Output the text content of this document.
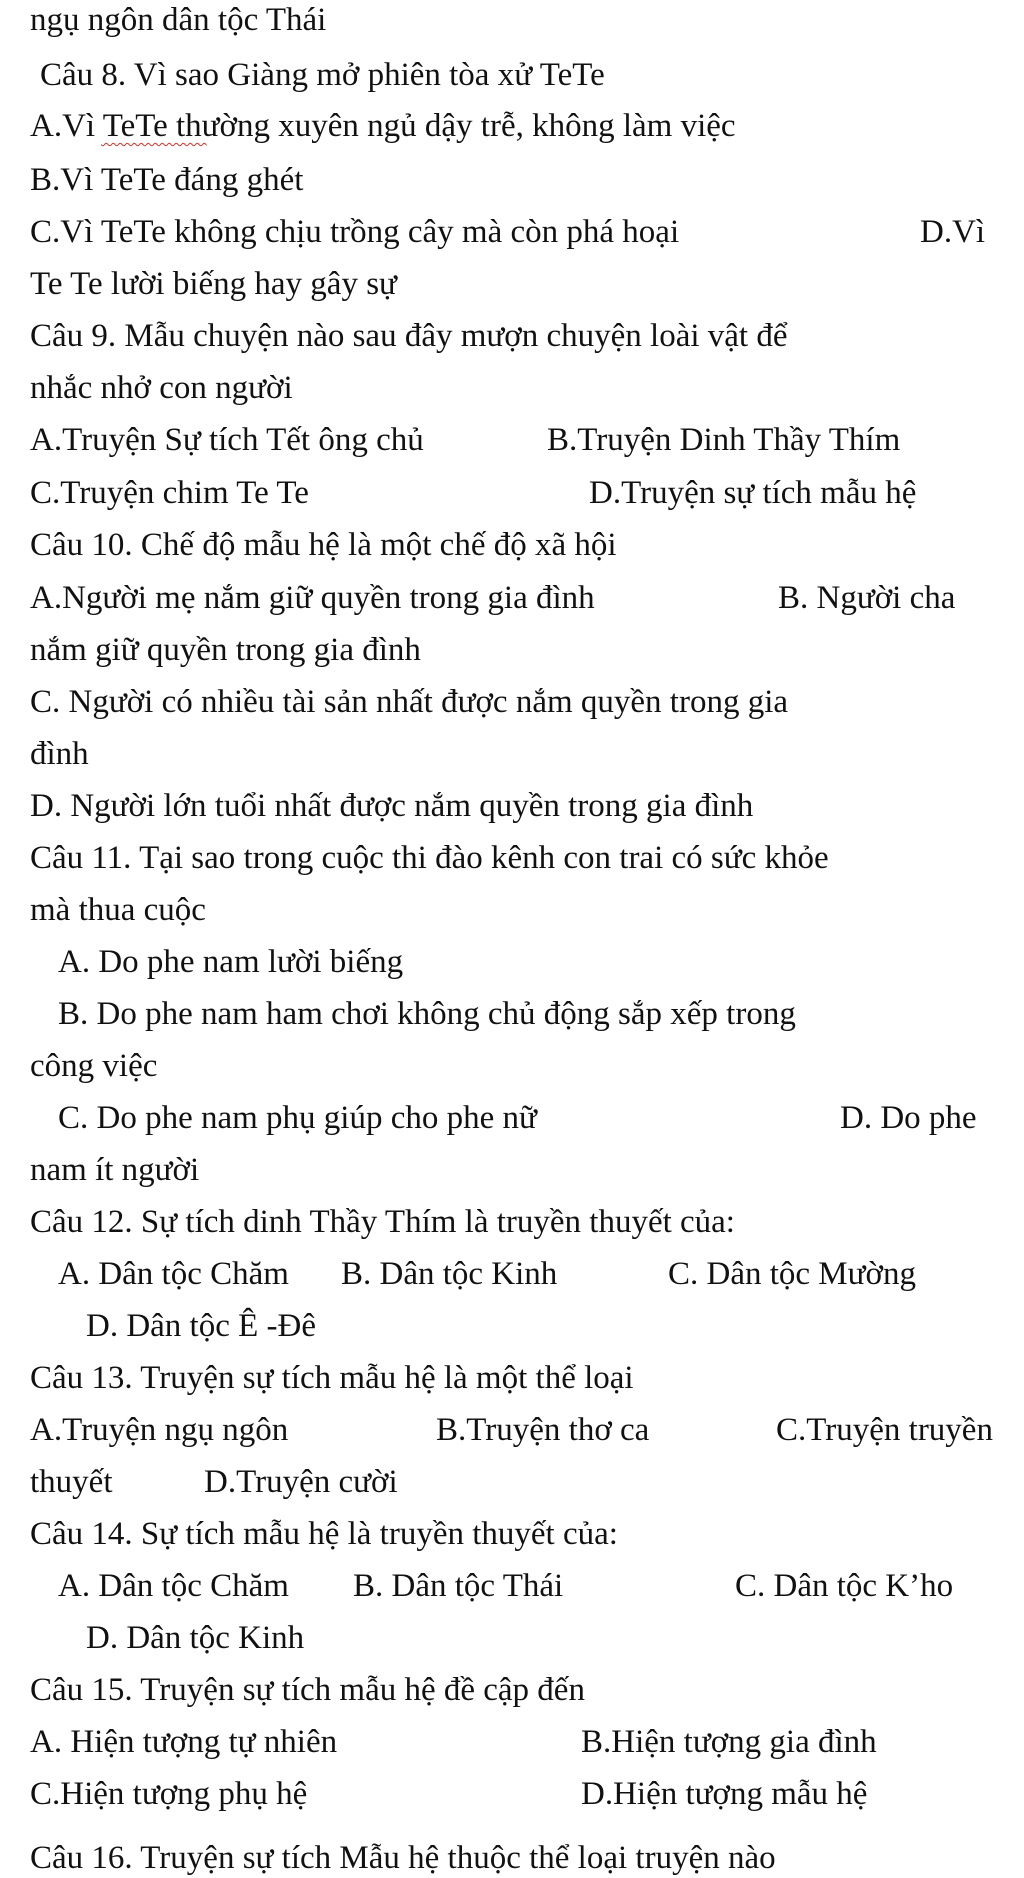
ngụ ngôn dân tộc Thái
Câu 8. Vì sao Giàng mở phiên tòa xử TeTe
A.Vì TeTe thường xuyên ngủ dậy trễ, không làm việc
B.Vì TeTe đáng ghét
C.Vì TeTe không chịu trồng cây mà còn phá hoại	D.Vì
Te Te lười biếng hay gây sự
Câu 9. Mẫu chuyện nào sau đây mượn chuyện loài vật để
nhắc nhở con người
A.Truyện Sự tích Tết ông chủ	B.Truyện Dinh Thầy Thím
C.Truyện chim Te Te	D.Truyện sự tích mẫu hệ
Câu 10. Chế độ mẫu hệ là một chế độ xã hội
A.Người mẹ nắm giữ quyền trong gia đình	B. Người cha
nắm giữ quyền trong gia đình
C. Người có nhiều tài sản nhất được nắm quyền trong gia
đình
D. Người lớn tuổi nhất được nắm quyền trong gia đình
Câu 11. Tại sao trong cuộc thi đào kênh con trai có sức khỏe
mà thua cuộc
A. Do phe nam lười biếng
B. Do phe nam ham chơi không chủ động sắp xếp trong
công việc
C. Do phe nam phụ giúp cho phe nữ	D. Do phe
nam ít người
Câu 12. Sự tích dinh Thầy Thím là truyền thuyết của:
A. Dân tộc Chăm B. Dân tộc Kinh	C. Dân tộc Mường
D. Dân tộc Ê -Đê
Câu 13. Truyện sự tích mẫu hệ là một thể loại
A.Truyện ngụ ngôn	B.Truyện thơ ca	C.Truyện truyền
thuyết	D.Truyện cười
Câu 14. Sự tích mẫu hệ là truyền thuyết của:
A. Dân tộc Chăm B. Dân tộc Thái	C. Dân tộc K’ho
D. Dân tộc Kinh
Câu 15. Truyện sự tích mẫu hệ đề cập đến
A. Hiện tượng tự nhiên	B.Hiện tượng gia đình
C.Hiện tượng phụ hệ	D.Hiện tượng mẫu hệ
Câu 16. Truyện sự tích Mẫu hệ thuộc thể loại truyện nào
